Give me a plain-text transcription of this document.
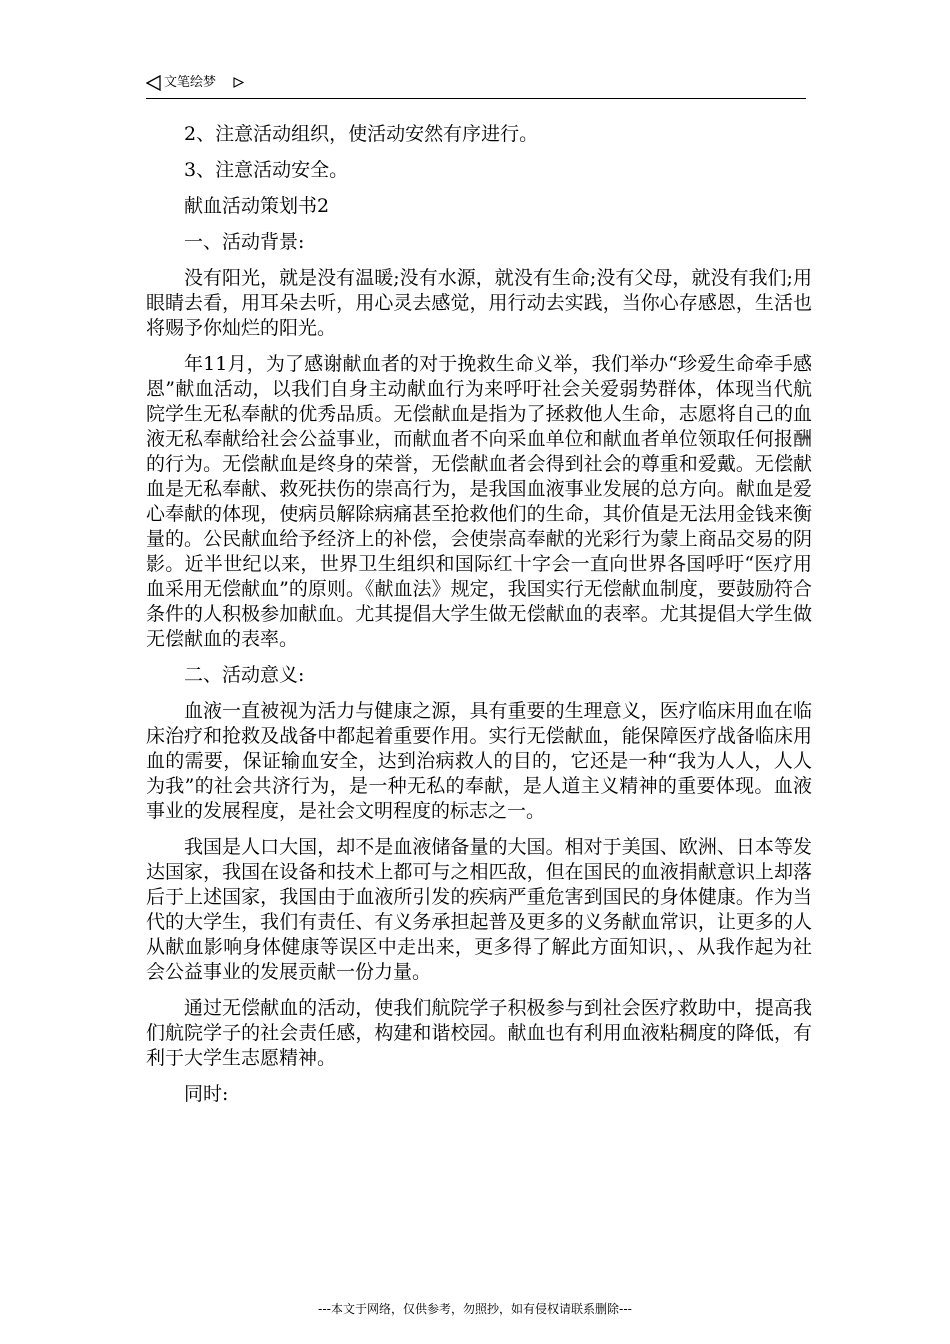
文笔绘梦

2、注意活动组织，使活动安然有序进行。

3、注意活动安全。

献血活动策划书2

一、活动背景:

没有阳光，就是没有温暖;没有水源，就没有生命;没有父母，就没有我们;用眼睛去看，用耳朵去听，用心灵去感觉，用行动去实践，当你心存感恩，生活也将赐予你灿烂的阳光。

年11月，为了感谢献血者的对于挽救生命义举，我们举办“珍爱生命牵手感恩”献血活动，以我们自身主动献血行为来呼吁社会关爱弱势群体，体现当代航院学生无私奉献的优秀品质。无偿献血是指为了拯救他人生命，志愿将自己的血液无私奉献给社会公益事业，而献血者不向采血单位和献血者单位领取任何报酬的行为。无偿献血是终身的荣誉，无偿献血者会得到社会的尊重和爱戴。无偿献血是无私奉献、救死扶伤的崇高行为，是我国血液事业发展的总方向。献血是爱心奉献的体现，使病员解除病痛甚至抢救他们的生命，其价值是无法用金钱来衡量的。公民献血给予经济上的补偿，会使崇高奉献的光彩行为蒙上商品交易的阴影。近半世纪以来，世界卫生组织和国际红十字会一直向世界各国呼吁“医疗用血采用无偿献血”的原则。《献血法》规定，我国实行无偿献血制度，要鼓励符合条件的人积极参加献血。尤其提倡大学生做无偿献血的表率。尤其提倡大学生做无偿献血的表率。

二、活动意义:

血液一直被视为活力与健康之源，具有重要的生理意义，医疗临床用血在临床治疗和抢救及战备中都起着重要作用。实行无偿献血，能保障医疗战备临床用血的需要，保证输血安全，达到治病救人的目的，它还是一种“我为人人，人人为我”的社会共济行为，是一种无私的奉献，是人道主义精神的重要体现。血液事业的发展程度，是社会文明程度的标志之一。

我国是人口大国，却不是血液储备量的大国。相对于美国、欧洲、日本等发达国家，我国在设备和技术上都可与之相匹敌，但在国民的血液捐献意识上却落后于上述国家，我国由于血液所引发的疾病严重危害到国民的身体健康。作为当代的大学生，我们有责任、有义务承担起普及更多的义务献血常识，让更多的人从献血影响身体健康等误区中走出来，更多得了解此方面知识，、从我作起为社会公益事业的发展贡献一份力量。

通过无偿献血的活动，使我们航院学子积极参与到社会医疗救助中，提高我们航院学子的社会责任感，构建和谐校园。献血也有利用血液粘稠度的降低，有利于大学生志愿精神。

同时:

---本文于网络，仅供参考，勿照抄，如有侵权请联系删除---
